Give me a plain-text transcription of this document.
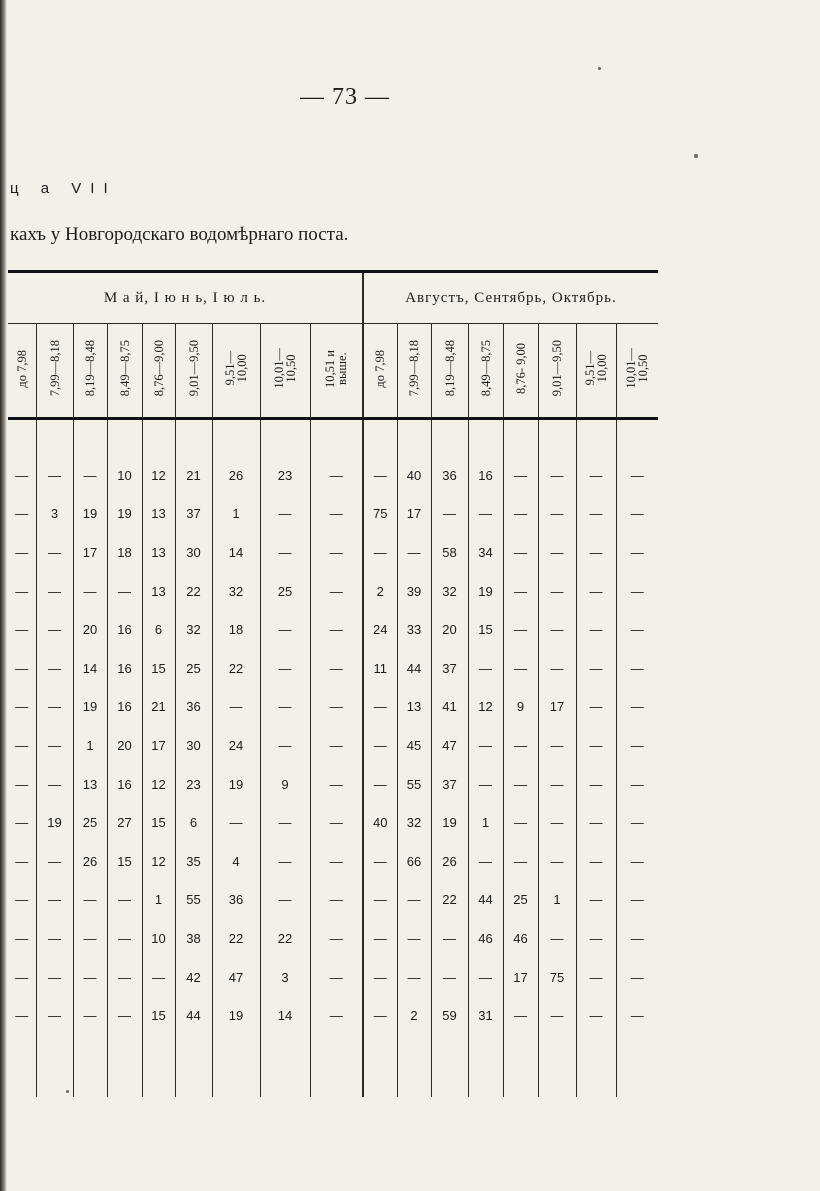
— 73 —
ц а VII
кахъ у Новгородскаго водомѣрнаго поста.
М а й, I ю н ь, I ю л ь.									Августъ, Сентябрь, Октябрь.							
до 7,98	7,99—8,18	8,19—8,48	8,49—8,75	8,76—9,00	9,01—9,50	9,51—
10,00	10,01—
10,50	10,51 и
выше.	до 7,98	7,99—8,18	8,19—8,48	8,49—8,75	8,76- 9,00	9,01—9,50	9,51—
10,00	10,01—
10,50

—	—	—	10	12	21	26	23	—	—	40	36	16	—	—	—	—
—	3	19	19	13	37	1	—	—	75	17	—	—	—	—	—	—
—	—	17	18	13	30	14	—	—	—	—	58	34	—	—	—	—
—	—	—	—	13	22	32	25	—	2	39	32	19	—	—	—	—
—	—	20	16	6	32	18	—	—	24	33	20	15	—	—	—	—
—	—	14	16	15	25	22	—	—	11	44	37	—	—	—	—	—
—	—	19	16	21	36	—	—	—	—	13	41	12	9	17	—	—
—	—	1	20	17	30	24	—	—	—	45	47	—	—	—	—	—
—	—	13	16	12	23	19	9	—	—	55	37	—	—	—	—	—
—	19	25	27	15	6	—	—	—	40	32	19	1	—	—	—	—
—	—	26	15	12	35	4	—	—	—	66	26	—	—	—	—	—
—	—	—	—	1	55	36	—	—	—	—	22	44	25	1	—	—
—	—	—	—	10	38	22	22	—	—	—	—	46	46	—	—	—
—	—	—	—	—	42	47	3	—	—	—	—	—	17	75	—	—
—	—	—	—	15	44	19	14	—	—	2	59	31	—	—	—	—
